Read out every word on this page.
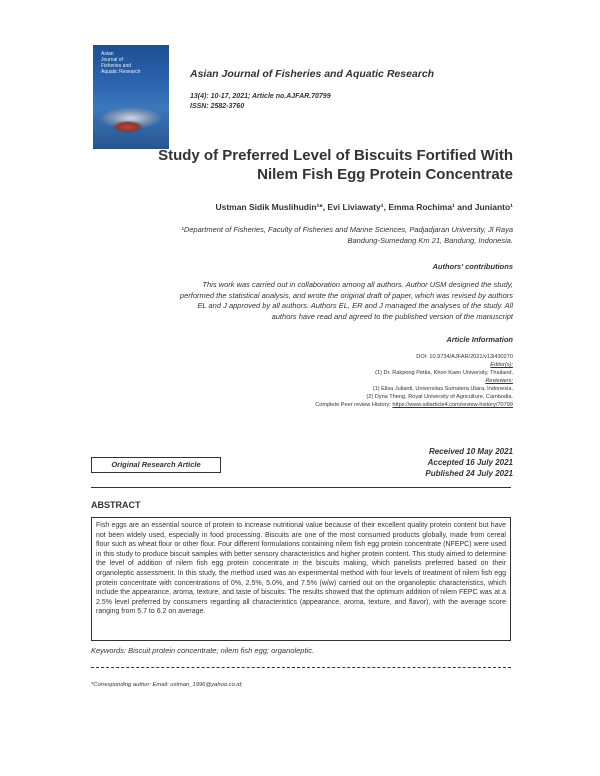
Asian
Journal of
Fisheries and
Aquatic Research	Asian Journal of Fisheries and Aquatic Research
13(4): 10-17, 2021; Article no.AJFAR.70799
ISSN: 2582-3760
Study of Preferred Level of Biscuits Fortified With
Nilem Fish Egg Protein Concentrate
Ustman Sidik Muslihudin¹*, Evi Liviawaty¹, Emma Rochima¹ and Junianto¹
¹Department of Fisheries, Faculty of Fisheries and Marine Sciences, Padjadjaran University, Jl Raya
Bandung-Sumedang Km 21, Bandung, Indonesia.
Authors' contributions
This work was carried out in collaboration among all authors. Author USM designed the study,
performed the statistical analysis, and wrote the original draft of paper, which was revised by authors
EL and J approved by all authors. Authors EL, ER and J managed the analyses of the study. All
authors have read and agreed to the published version of the manuscript
Article Information
DOI: 10.9734/AJFAR/2021/v13i430270
Editor(s):
(1) Dr. Rakpong Petka, Khon Kaen University, Thailand.
Reviewers:
(1) Elisa Julianti, Universitas Sumatera Utara, Indonesia.
(2) Dyna Theng, Royal University of Agriculture, Cambodia.
Complete Peer review History: https://www.sdiarticle4.com/review-history/70799
Original Research Article
Received 10 May 2021
Accepted 16 July 2021
Published 24 July 2021
ABSTRACT
Fish eggs are an essential source of protein to increase nutritional value because of their excellent quality protein content but have not been widely used, especially in food processing. Biscuits are one of the most consumed products globally, made from cereal flour such as wheat flour or other flour. Four different formulations containing nilem fish egg protein concentrate (NFEPC) were used in this study to produce biscuit samples with better sensory characteristics and higher protein content. This study aimed to determine the level of addition of nilem fish egg protein concentrate in the biscuits making, which panelists preferred based on their organoleptic assessment. In this study, the method used was an experimental method with four levels of treatment of nilem fish egg protein concentrate with concentrations of 0%, 2.5%, 5.0%, and 7.5% (w/w) carried out on the organoleptic characteristics, which include the appearance, aroma, texture, and taste of biscuits. The results showed that the optimum addition of nilem FEPC was at a 2.5% level preferred by consumers regarding all characteristics (appearance, aroma, texture, and flavor), with the average score ranging from 5.7 to 6.2 on average.
Keywords: Biscuit protein concentrate; nilem fish egg; organoleptic.
*Corresponding author: Email: ustman_1996@yahoo.co.id;
